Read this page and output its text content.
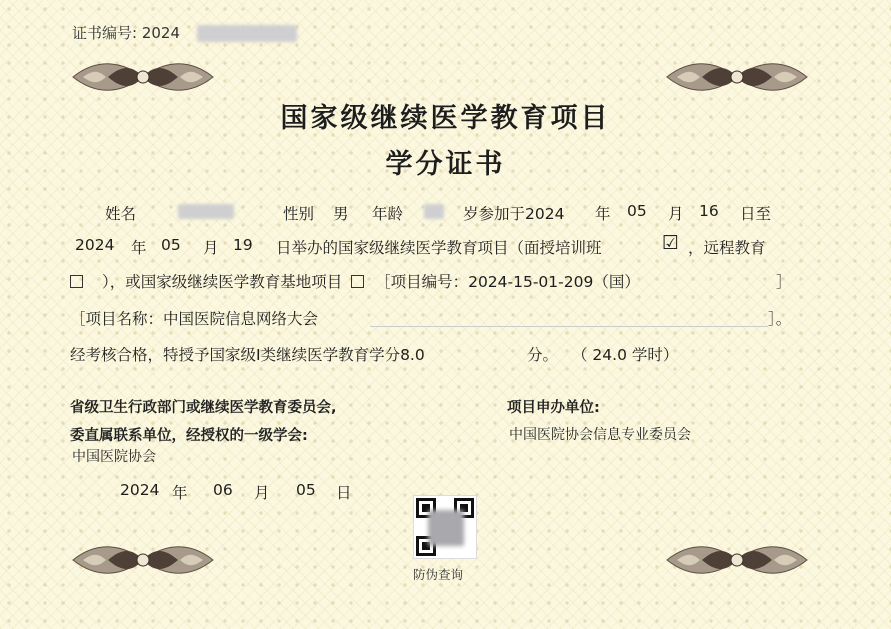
证书编号: 2024
国家级继续医学教育项目
学分证书
姓名	性别 男 年龄	岁参加于2024 年 05 月 16 日至
2024 年 05 月 19 日举办的国家级继续医学教育项目（面授培训班	☑ ，远程教育
），或国家级继续医学教育基地项目 ［项目编号：2024-15-01-209（国）	］
［项目名称：中国医院信息网络大会	］。
经考核合格，特授予国家级I类继续医学教育学分8.0	分。 （ 24.0 学时）
省级卫生行政部门或继续医学教育委员会,
委直属联系单位，经授权的一级学会:
中国医院协会
2024 年 06 月 05 日
项目申办单位:
中国医院协会信息专业委员会
防伪查询
